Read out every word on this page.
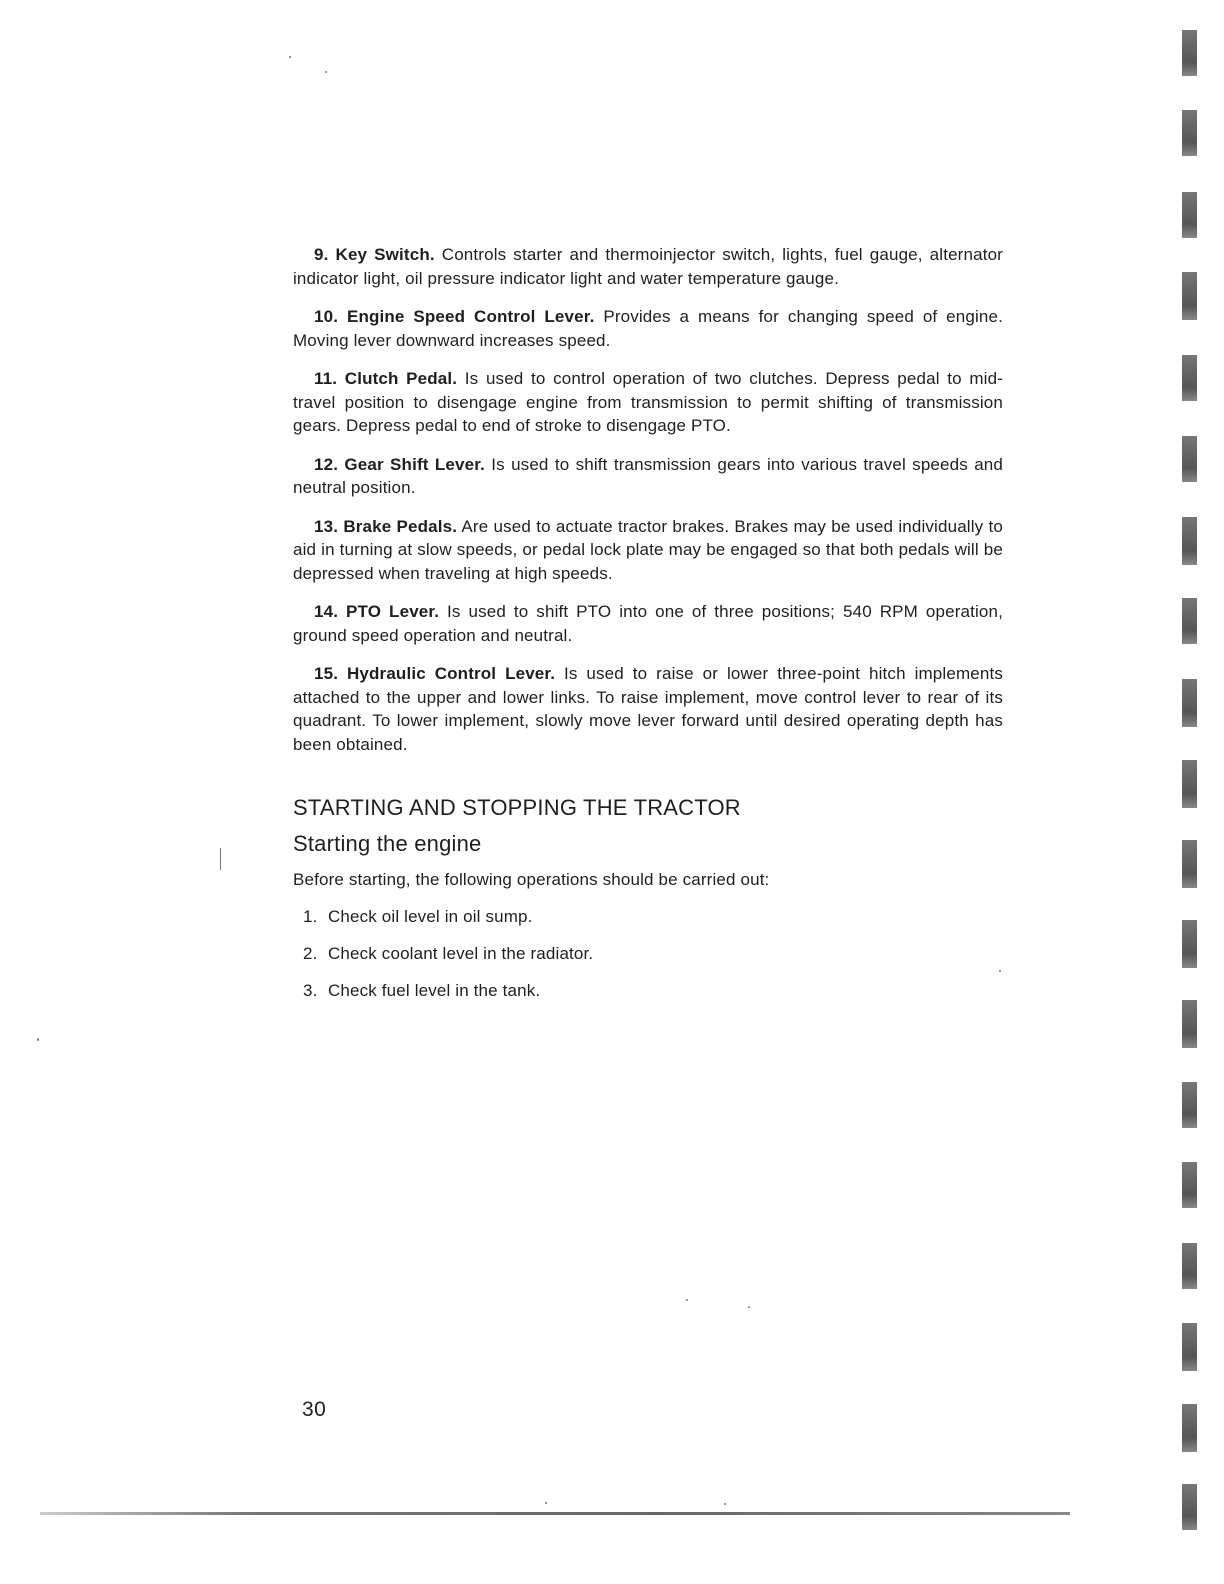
9. Key Switch. Controls starter and thermoinjector switch, lights, fuel gauge, alternator indicator light, oil pressure indicator light and water temperature gauge.

10. Engine Speed Control Lever. Provides a means for changing speed of engine. Moving lever downward increases speed.

11. Clutch Pedal. Is used to control operation of two clutches. Depress pedal to mid-travel position to disengage engine from transmission to permit shifting of transmission gears. Depress pedal to end of stroke to disengage PTO.

12. Gear Shift Lever. Is used to shift transmission gears into various travel speeds and neutral position.

13. Brake Pedals. Are used to actuate tractor brakes. Brakes may be used individually to aid in turning at slow speeds, or pedal lock plate may be engaged so that both pedals will be depressed when traveling at high speeds.

14. PTO Lever. Is used to shift PTO into one of three positions; 540 RPM operation, ground speed operation and neutral.

15. Hydraulic Control Lever. Is used to raise or lower three-point hitch implements attached to the upper and lower links. To raise implement, move control lever to rear of its quadrant. To lower implement, slowly move lever forward until desired operating depth has been obtained.

STARTING AND STOPPING THE TRACTOR
Starting the engine

Before starting, the following operations should be carried out:

1. Check oil level in oil sump.
2. Check coolant level in the radiator.
3. Check fuel level in the tank.
30
